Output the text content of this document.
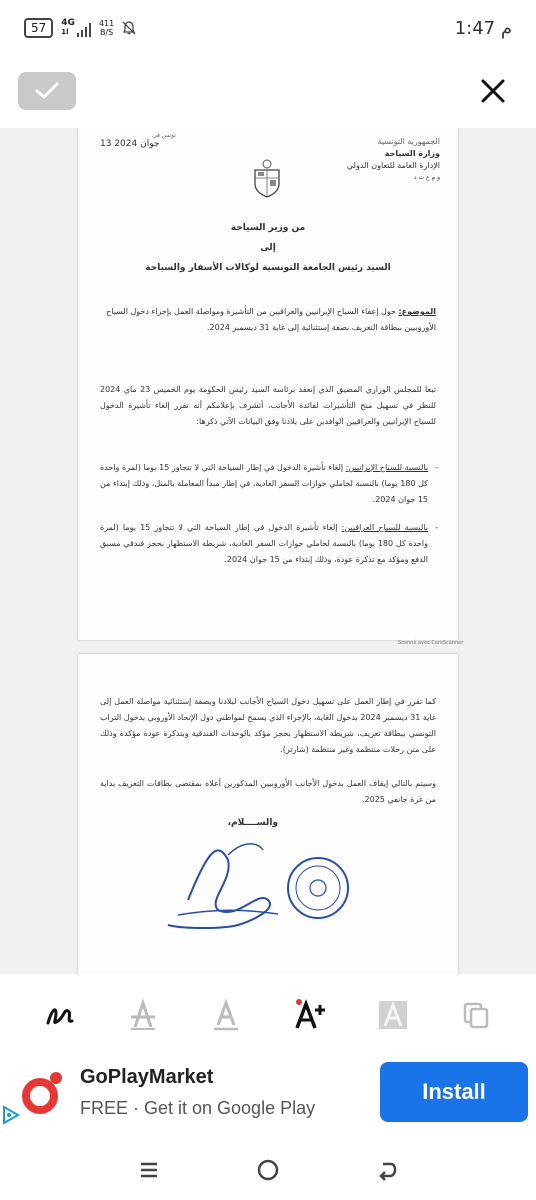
57	4G
1l
411
B/S	1:47 م
الجمهورية التونسية
وزارة السياحة
الإدارة العامة للتعاون الدولي
و م ع ت د
تونس في
13 جوان 2024
من وزير السياحة
إلى
السيد رئيس الجامعة التونسية لوكالات الأسفار والسياحة
الموضوع: حول إعفاء السياح الإيرانيين والعراقيين من التأشيرة ومواصلة العمل بإجراء دخول السياح الأوروبيين ببطاقة التعريف بصفة إستثنائية إلى غاية 31 ديسمبر 2024.
تبعا للمجلس الوزاري المضيق الذي إنعقد برئاسة السيد رئيس الحكومة يوم الخميس 23 ماي 2024 للنظر في تسهيل منح التأشيرات لفائدة الأجانب، أتشرف بإعلامكم أنه تقرر إلغاء تأشيرة الدخول للسياح الإيرانيين والعراقيين الوافدين على بلادنا وفق البيانات الآتي ذكرها:
- بالنسبة للسياح الإيرانيين: إلغاء تأشيرة الدخول في إطار السياحة التي لا تتجاوز 15 يوما (لمرة واحدة كل 180 يوما) بالنسبة لحاملي جوازات السفر العادية، في إطار مبدأ المعاملة بالمثل، وذلك إبتداء من 15 جوان 2024.
- بالنسبة للسياح العراقيين: إلغاء تأشيرة الدخول في إطار السياحة التي لا تتجاوز 15 يوما (لمرة واحدة كل 180 يوما) بالنسبة لحاملي جوازات السفر العادية، شريطة الاستظهار بحجز فندقي مسبق الدفع ومؤكد مع تذكرة عودة، وذلك إبتداء من 15 جوان 2024.
Scanné avec CamScanner
كما تقرر في إطار العمل على تسهيل دخول السياح الأجانب لبلادنا وبصفة إستثنائية مواصلة العمل إلى غاية 31 ديسمبر 2024 بدخول الغاية، بالإجراء الذي يسمح لمواطني دول الإتحاد الأوروبي بدخول التراب التونسي ببطاقة تعريف، شريطة الاستظهار بحجز مؤكد بالوحدات الفندقية وبتذكرة عودة مؤكدة وذلك على متن رحلات منتظمة وغير منتظمة (شارتر).
وسيتم بالتالي إيقاف العمل بدخول الأجانب الأوروبيين المذكورين أعلاه بمقتضى بطاقات التعريف بداية من غرة جانفي 2025.
والســــلام،
GoPlayMarket
FREE · Get it on Google Play
Install
